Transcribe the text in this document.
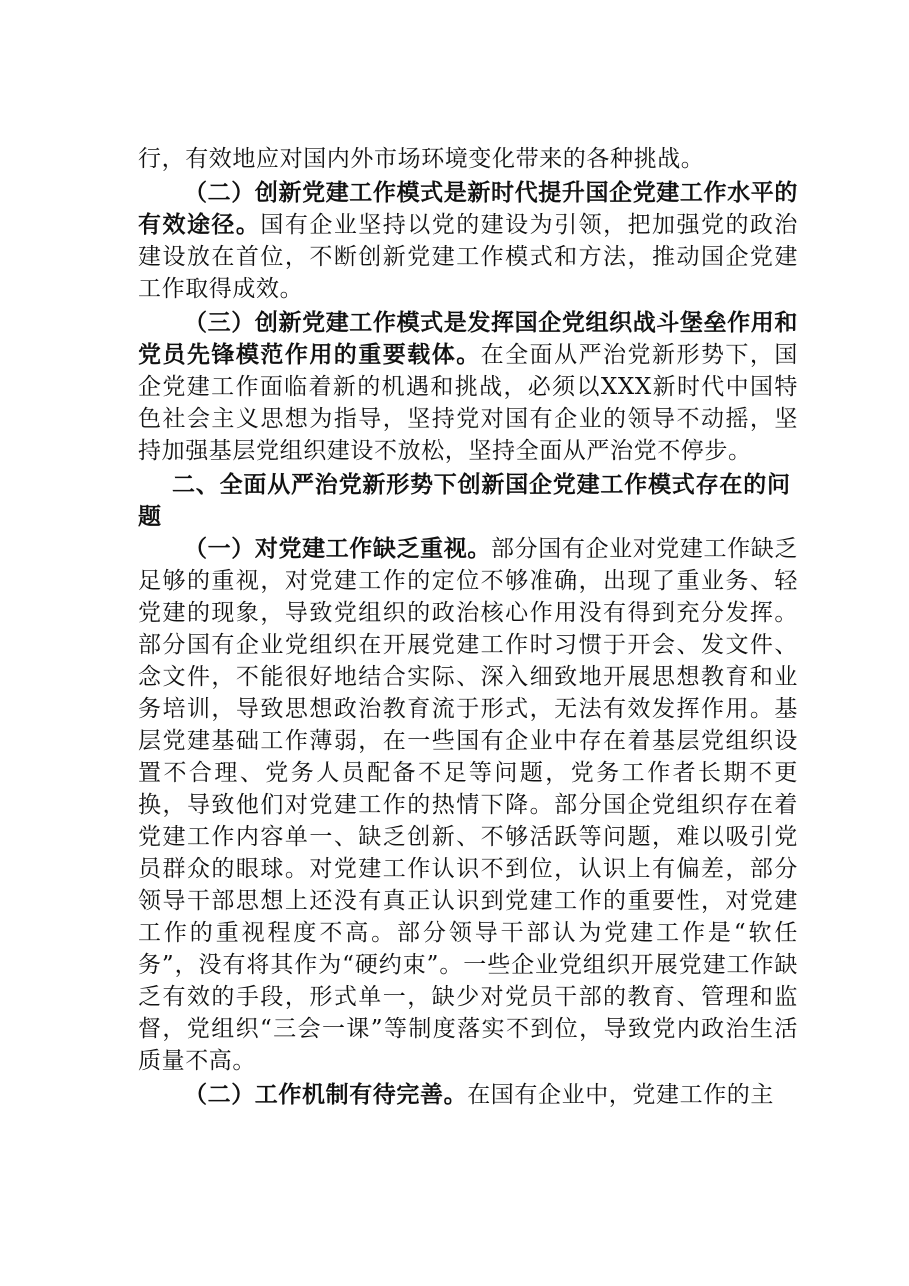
行，有效地应对国内外市场环境变化带来的各种挑战。

（二）创新党建工作模式是新时代提升国企党建工作水平的有效途径。国有企业坚持以党的建设为引领，把加强党的政治建设放在首位，不断创新党建工作模式和方法，推动国企党建工作取得成效。

（三）创新党建工作模式是发挥国企党组织战斗堡垒作用和党员先锋模范作用的重要载体。在全面从严治党新形势下，国企党建工作面临着新的机遇和挑战，必须以XXX新时代中国特色社会主义思想为指导，坚持党对国有企业的领导不动摇，坚持加强基层党组织建设不放松，坚持全面从严治党不停步。

二、全面从严治党新形势下创新国企党建工作模式存在的问题

（一）对党建工作缺乏重视。部分国有企业对党建工作缺乏足够的重视，对党建工作的定位不够准确，出现了重业务、轻党建的现象，导致党组织的政治核心作用没有得到充分发挥。部分国有企业党组织在开展党建工作时习惯于开会、发文件、念文件，不能很好地结合实际、深入细致地开展思想教育和业务培训，导致思想政治教育流于形式，无法有效发挥作用。基层党建基础工作薄弱，在一些国有企业中存在着基层党组织设置不合理、党务人员配备不足等问题，党务工作者长期不更换，导致他们对党建工作的热情下降。部分国企党组织存在着党建工作内容单一、缺乏创新、不够活跃等问题，难以吸引党员群众的眼球。对党建工作认识不到位，认识上有偏差，部分领导干部思想上还没有真正认识到党建工作的重要性，对党建工作的重视程度不高。部分领导干部认为党建工作是“软任务”，没有将其作为“硬约束”。一些企业党组织开展党建工作缺乏有效的手段，形式单一，缺少对党员干部的教育、管理和监督，党组织“三会一课”等制度落实不到位，导致党内政治生活质量不高。

（二）工作机制有待完善。在国有企业中，党建工作的主
